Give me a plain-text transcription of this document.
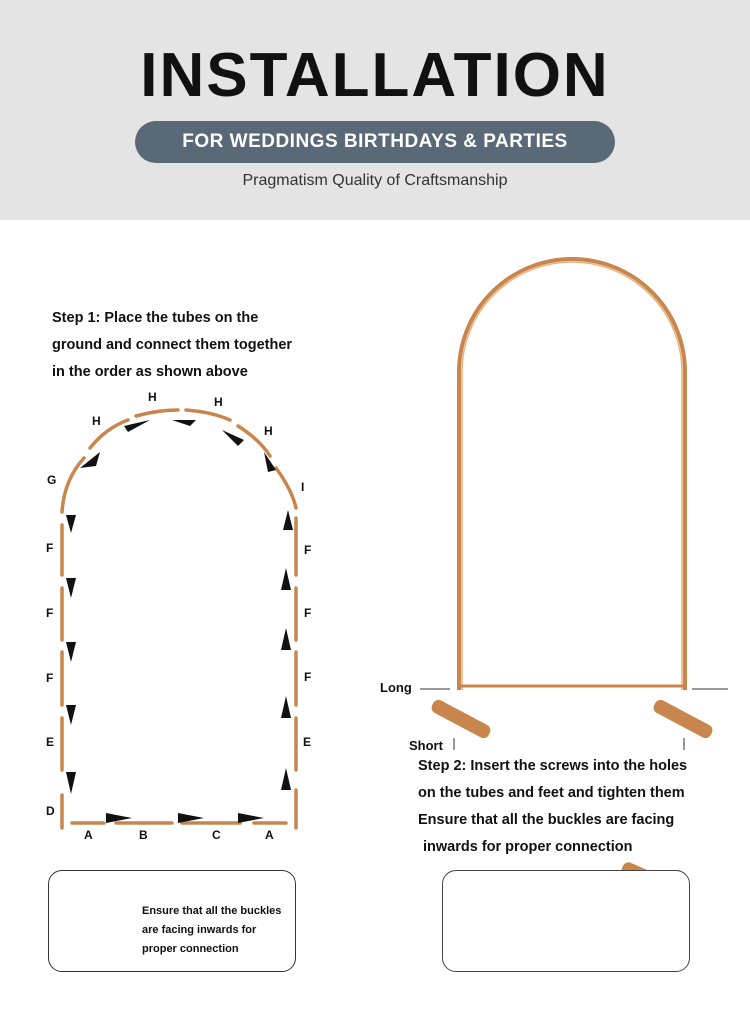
INSTALLATION
FOR WEDDINGS BIRTHDAYS & PARTIES
Pragmatism Quality of Craftsmanship
Step 1: Place the tubes on the
ground and connect them together
in the order as shown above
H
H
H
H
G
F
F
F
E
D
I
F
F
F
E
A	B	C	A
Long
Short
Step 2: Insert the screws into the holes
on the tubes and feet and tighten them
Ensure that all the buckles are facing
inwards for proper connection
Ensure that all the buckles
are facing inwards for
proper connection
